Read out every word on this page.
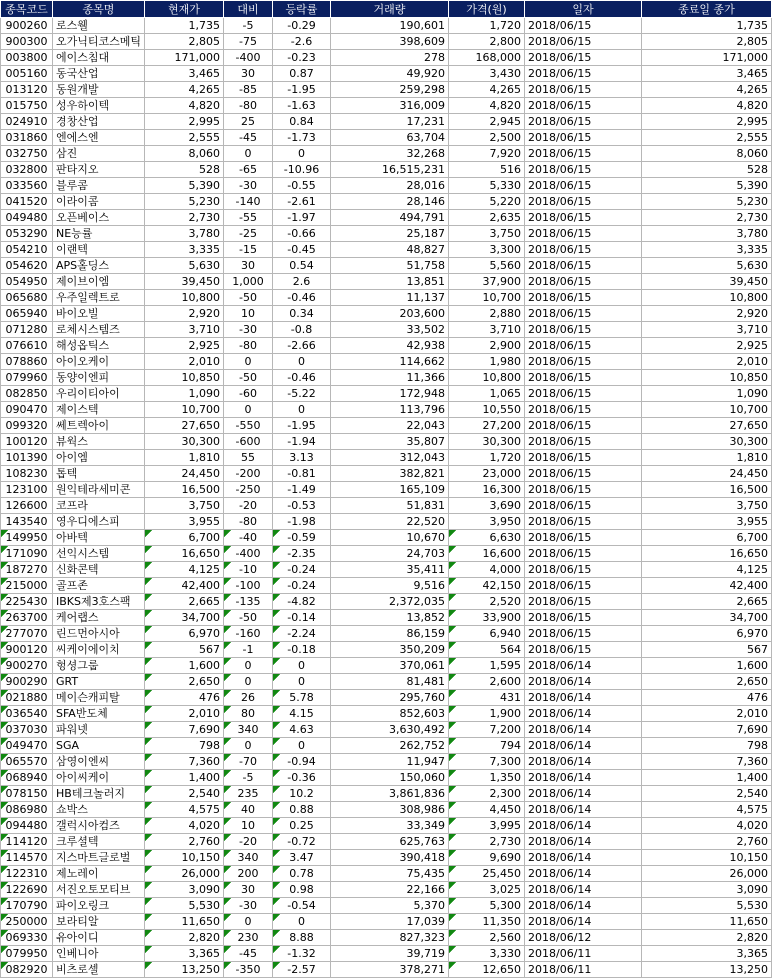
종목코드	종목명	현재가	대비	등락률	거래량	가격(원)	일자	종료일 종가
900260	로스웰	1,735	-5	-0.29	190,601	1,720	2018/06/15	1,735
900300	오가닉티코스메틱	2,805	-75	-2.6	398,609	2,800	2018/06/15	2,805
003800	에이스침대	171,000	-400	-0.23	278	168,000	2018/06/15	171,000
005160	동국산업	3,465	30	0.87	49,920	3,430	2018/06/15	3,465
013120	동원개발	4,265	-85	-1.95	259,298	4,265	2018/06/15	4,265
015750	성우하이텍	4,820	-80	-1.63	316,009	4,820	2018/06/15	4,820
024910	경창산업	2,995	25	0.84	17,231	2,945	2018/06/15	2,995
031860	엔에스엔	2,555	-45	-1.73	63,704	2,500	2018/06/15	2,555
032750	삼진	8,060	0	0	32,268	7,920	2018/06/15	8,060
032800	판타지오	528	-65	-10.96	16,515,231	516	2018/06/15	528
033560	블루콤	5,390	-30	-0.55	28,016	5,330	2018/06/15	5,390
041520	이라이콤	5,230	-140	-2.61	28,146	5,220	2018/06/15	5,230
049480	오픈베이스	2,730	-55	-1.97	494,791	2,635	2018/06/15	2,730
053290	NE능률	3,780	-25	-0.66	25,187	3,750	2018/06/15	3,780
054210	이랜텍	3,335	-15	-0.45	48,827	3,300	2018/06/15	3,335
054620	APS홀딩스	5,630	30	0.54	51,758	5,560	2018/06/15	5,630
054950	제이브이엠	39,450	1,000	2.6	13,851	37,900	2018/06/15	39,450
065680	우주일렉트로	10,800	-50	-0.46	11,137	10,700	2018/06/15	10,800
065940	바이오빌	2,920	10	0.34	203,600	2,880	2018/06/15	2,920
071280	로체시스템즈	3,710	-30	-0.8	33,502	3,710	2018/06/15	3,710
076610	해성옵틱스	2,925	-80	-2.66	42,938	2,900	2018/06/15	2,925
078860	아이오케이	2,010	0	0	114,662	1,980	2018/06/15	2,010
079960	동양이엔피	10,850	-50	-0.46	11,366	10,800	2018/06/15	10,850
082850	우리이티아이	1,090	-60	-5.22	172,948	1,065	2018/06/15	1,090
090470	제이스텍	10,700	0	0	113,796	10,550	2018/06/15	10,700
099320	쎄트렉아이	27,650	-550	-1.95	22,043	27,200	2018/06/15	27,650
100120	뷰웍스	30,300	-600	-1.94	35,807	30,300	2018/06/15	30,300
101390	아이엠	1,810	55	3.13	312,043	1,720	2018/06/15	1,810
108230	톱텍	24,450	-200	-0.81	382,821	23,000	2018/06/15	24,450
123100	원익테라세미콘	16,500	-250	-1.49	165,109	16,300	2018/06/15	16,500
126600	코프라	3,750	-20	-0.53	51,831	3,690	2018/06/15	3,750
143540	영우디에스피	3,955	-80	-1.98	22,520	3,950	2018/06/15	3,955
149950	아바텍	6,700	-40	-0.59	10,670	6,630	2018/06/15	6,700
171090	선익시스템	16,650	-400	-2.35	24,703	16,600	2018/06/15	16,650
187270	신화콘텍	4,125	-10	-0.24	35,411	4,000	2018/06/15	4,125
215000	골프존	42,400	-100	-0.24	9,516	42,150	2018/06/15	42,400
225430	IBKS제3호스팩	2,665	-135	-4.82	2,372,035	2,520	2018/06/15	2,665
263700	케어랩스	34,700	-50	-0.14	13,852	33,900	2018/06/15	34,700
277070	린드먼아시아	6,970	-160	-2.24	86,159	6,940	2018/06/15	6,970
900120	씨케이에이치	567	-1	-0.18	350,209	564	2018/06/15	567
900270	헝셩그룹	1,600	0	0	370,061	1,595	2018/06/14	1,600
900290	GRT	2,650	0	0	81,481	2,600	2018/06/14	2,650
021880	메이슨캐피탈	476	26	5.78	295,760	431	2018/06/14	476
036540	SFA반도체	2,010	80	4.15	852,603	1,900	2018/06/14	2,010
037030	파워넷	7,690	340	4.63	3,630,492	7,200	2018/06/14	7,690
049470	SGA	798	0	0	262,752	794	2018/06/14	798
065570	삼영이엔씨	7,360	-70	-0.94	11,947	7,300	2018/06/14	7,360
068940	아이씨케이	1,400	-5	-0.36	150,060	1,350	2018/06/14	1,400
078150	HB테크놀러지	2,540	235	10.2	3,861,836	2,300	2018/06/14	2,540
086980	쇼박스	4,575	40	0.88	308,986	4,450	2018/06/14	4,575
094480	갤럭시아컴즈	4,020	10	0.25	33,349	3,995	2018/06/14	4,020
114120	크루셜텍	2,760	-20	-0.72	625,763	2,730	2018/06/14	2,760
114570	지스마트글로벌	10,150	340	3.47	390,418	9,690	2018/06/14	10,150
122310	제노레이	26,000	200	0.78	75,435	25,450	2018/06/14	26,000
122690	서진오토모티브	3,090	30	0.98	22,166	3,025	2018/06/14	3,090
170790	파이오링크	5,530	-30	-0.54	5,370	5,300	2018/06/14	5,530
250000	보라티알	11,650	0	0	17,039	11,350	2018/06/14	11,650
069330	유아이디	2,820	230	8.88	827,323	2,560	2018/06/12	2,820
079950	인베니아	3,365	-45	-1.32	39,719	3,330	2018/06/11	3,365
082920	비츠로셀	13,250	-350	-2.57	378,271	12,650	2018/06/11	13,250
